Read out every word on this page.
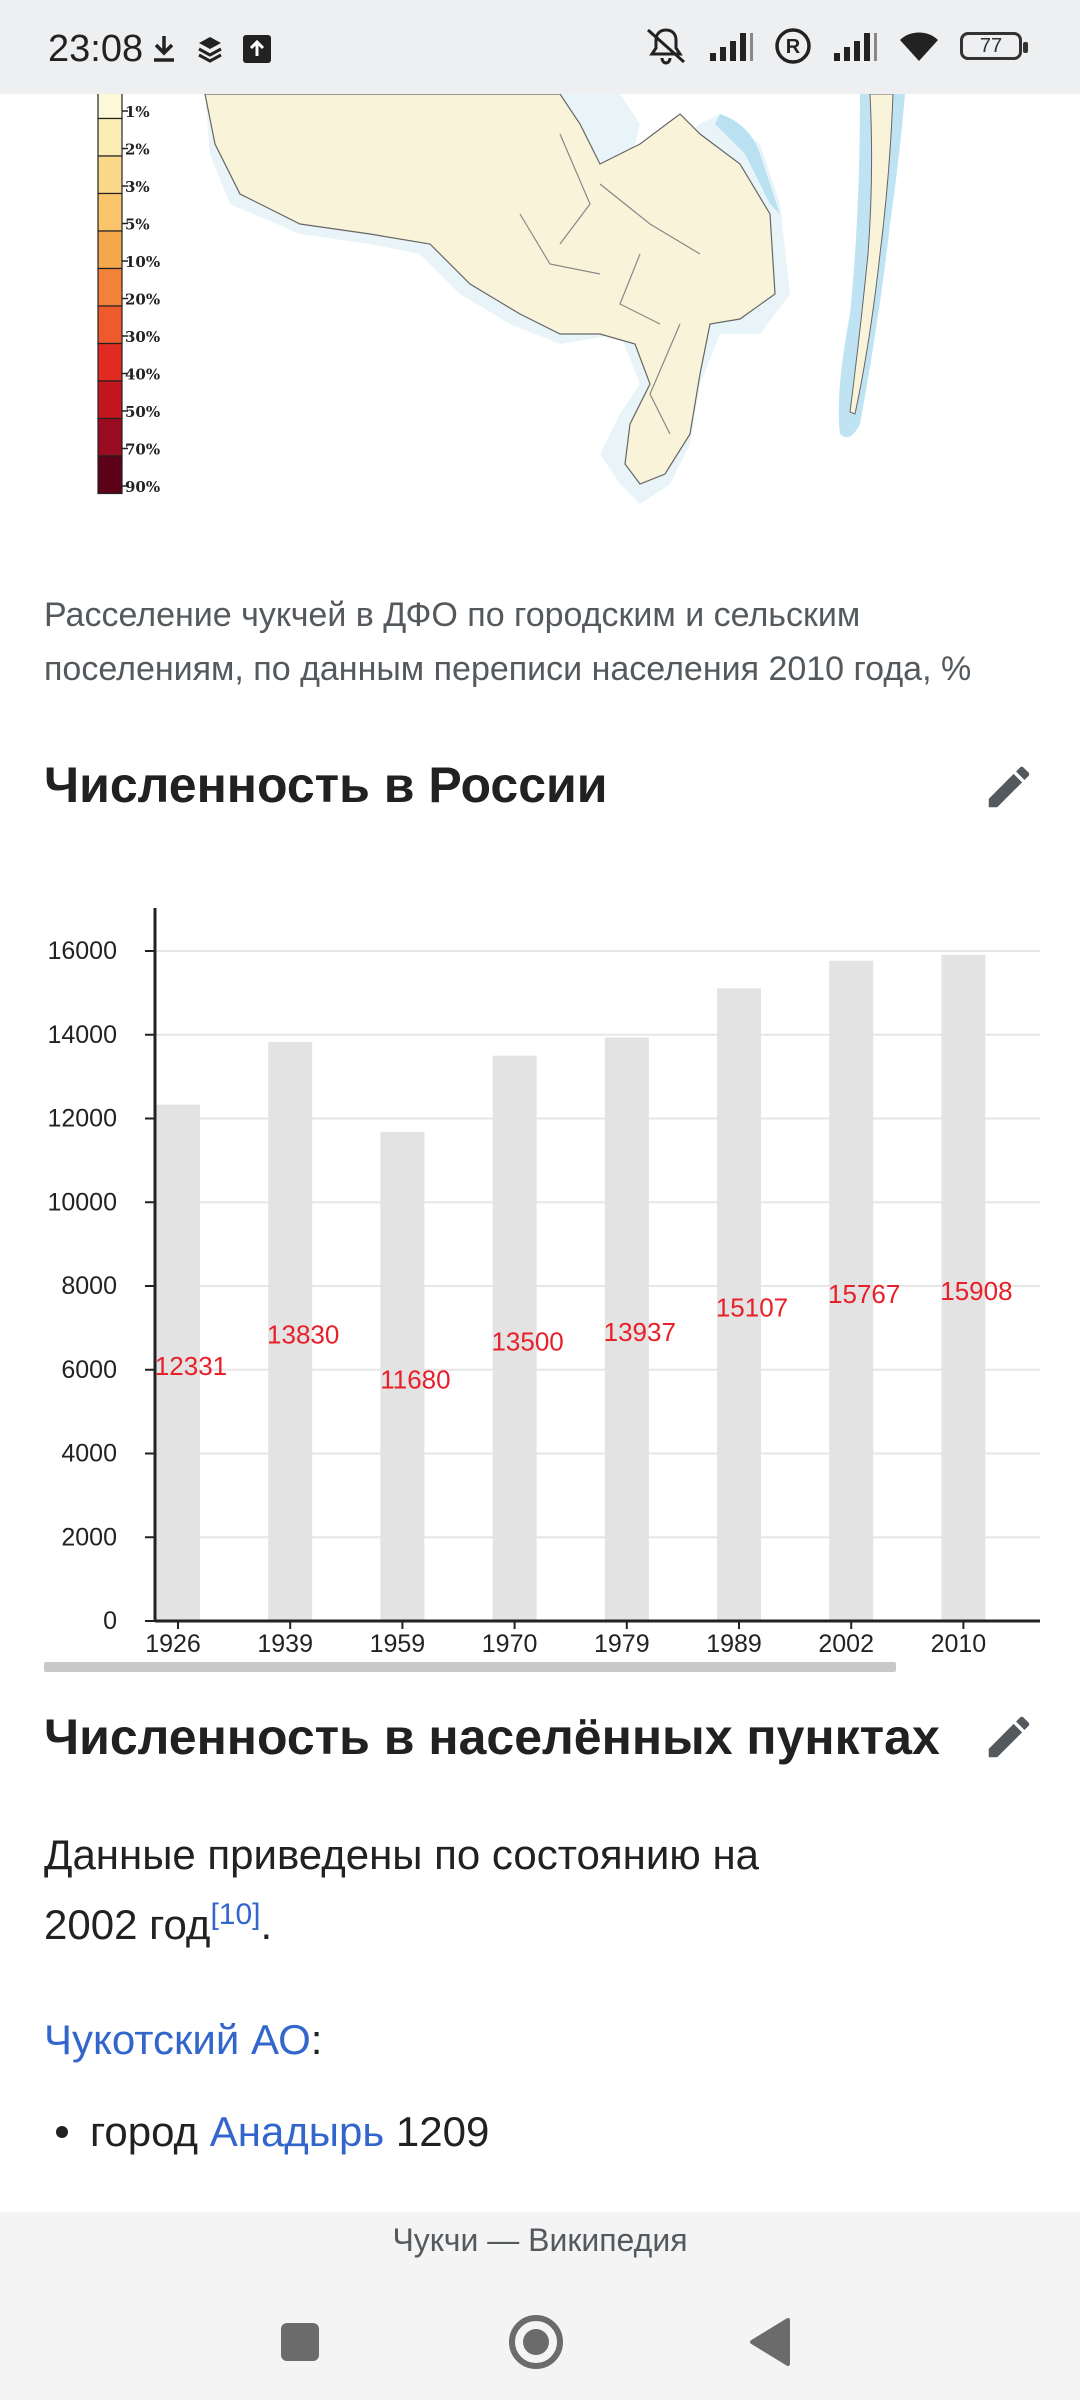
23:08	R	77
1%
2%
3%
5%
10%
20%
30%
40%
50%
70%
90%
Расселение чукчей в ДФО по городским и сельским поселениям, по данным переписи населения 2010 года, %
Численность в России
0
2000
4000
6000
8000
10000
12000
14000
16000
1926 1939 1959 1970 1979 1989 2002 2010
12331
13830
11680
13500 13937
15107 15767 15908
Численность в населённых пунктах
Данные приведены по состоянию на
2002 год[10].
Чукотский АО:
город Анадырь 1209
Чукчи — Википедия
